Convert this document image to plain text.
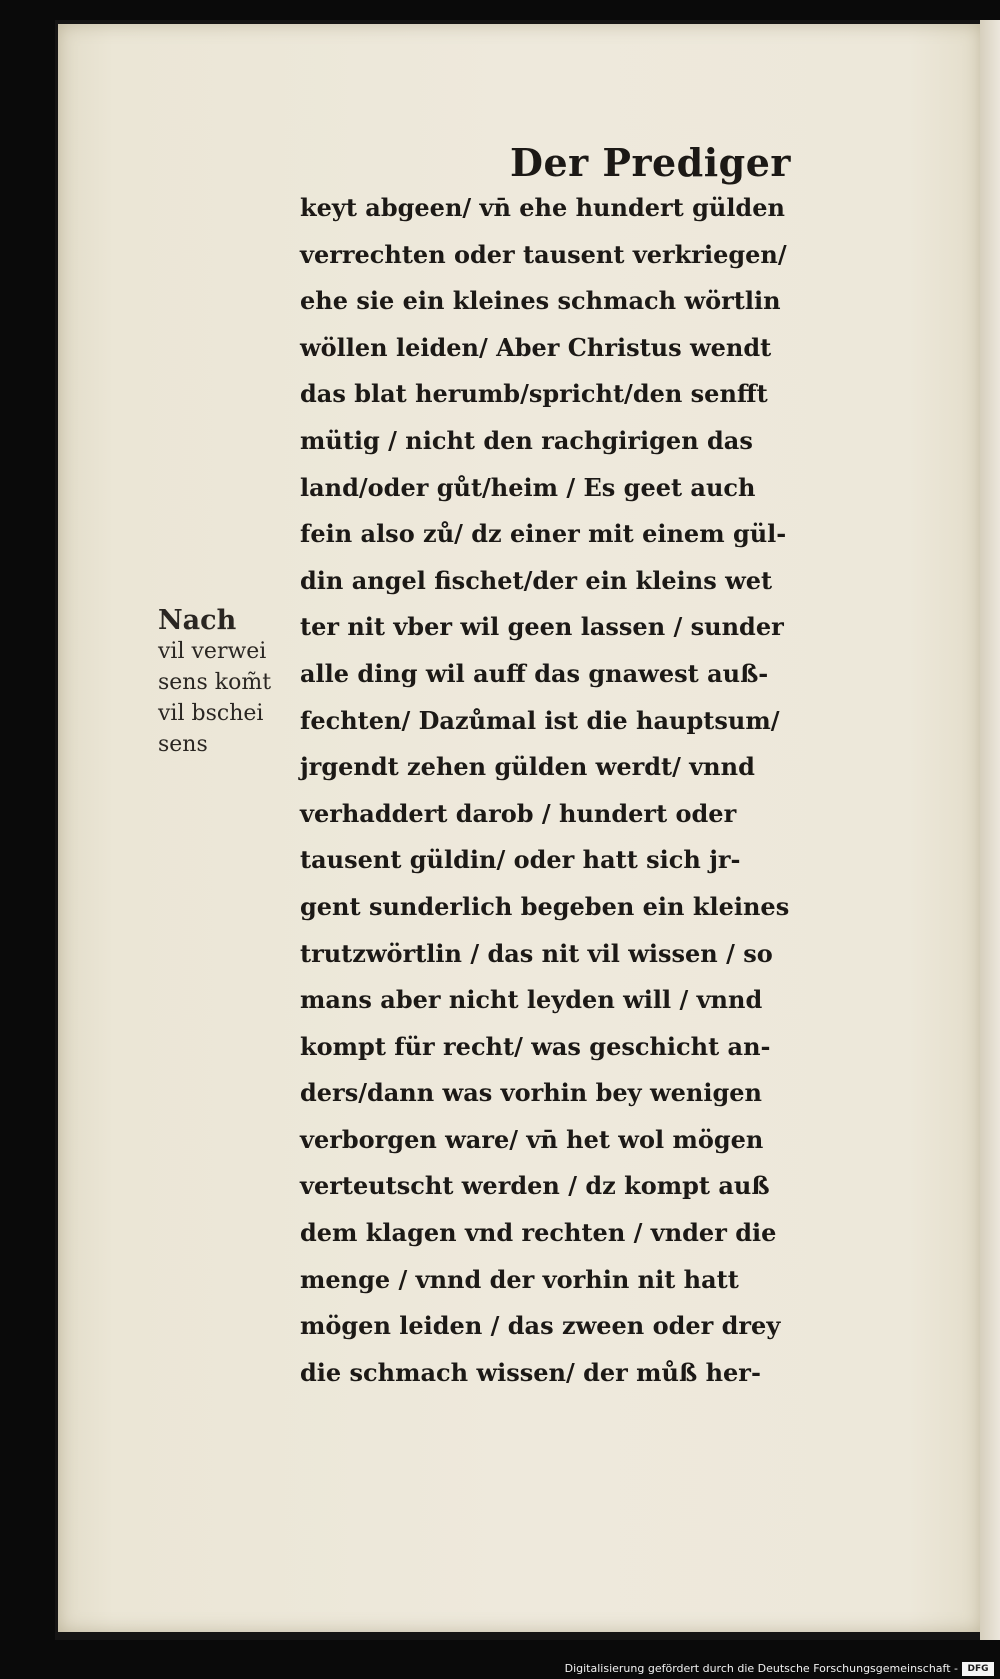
Der Prediger
Nach
vil verwei
sens kom̃t
vil bschei
sens
keyt abgeen/ vn̄ ehe hundert gülden
verrechten oder tausent verkriegen/
ehe sie ein kleines schmach wörtlin
wöllen leiden/ Aber Christus wendt
das blat herumb/spricht/den senfft
mütig / nicht den rachgirigen das
land/oder gůt/heim / Es geet auch
fein also zů/ dz einer mit einem gül-
din angel fischet/der ein kleins wet
ter nit vber wil geen lassen / sunder
alle ding wil auff das gnawest auß-
fechten/ Dazůmal ist die hauptsum/
jrgendt zehen gülden werdt/ vnnd
verhaddert darob / hundert oder
tausent güldin/ oder hatt sich jr-
gent sunderlich begeben ein kleines
trutzwörtlin / das nit vil wissen / so
mans aber nicht leyden will / vnnd
kompt für recht/ was geschicht an-
ders/dann was vorhin bey wenigen
verborgen ware/ vn̄ het wol mögen
verteutscht werden / dz kompt auß
dem klagen vnd rechten / vnder die
menge / vnnd der vorhin nit hatt
mögen leiden / das zween oder drey
die schmach wissen/ der můß her-
Digitalisierung gefördert durch die Deutsche Forschungsgemeinschaft -	DFG
